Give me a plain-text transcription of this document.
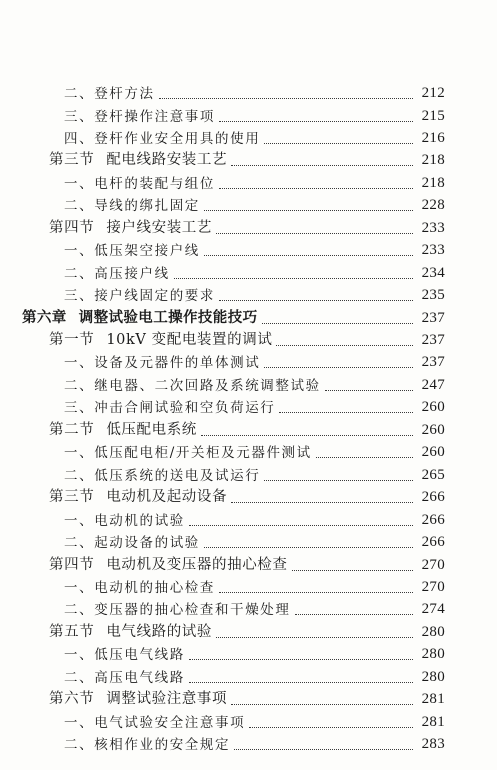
二、登杆方法	212
三、登杆操作注意事项	215
四、登杆作业安全用具的使用	216
第三节 配电线路安装工艺	218
一、电杆的装配与组位	218
二、导线的绑扎固定	228
第四节 接户线安装工艺	233
一、低压架空接户线	233
二、高压接户线	234
三、接户线固定的要求	235
第六章 调整试验电工操作技能技巧	237
第一节 10kV 变配电装置的调试	237
一、设备及元器件的单体测试	237
二、继电器、二次回路及系统调整试验	247
三、冲击合闸试验和空负荷运行	260
第二节 低压配电系统	260
一、低压配电柜/开关柜及元器件测试	260
二、低压系统的送电及试运行	265
第三节 电动机及起动设备	266
一、电动机的试验	266
二、起动设备的试验	266
第四节 电动机及变压器的抽心检查	270
一、电动机的抽心检查	270
二、变压器的抽心检查和干燥处理	274
第五节 电气线路的试验	280
一、低压电气线路	280
二、高压电气线路	280
第六节 调整试验注意事项	281
一、电气试验安全注意事项	281
二、核相作业的安全规定	283
